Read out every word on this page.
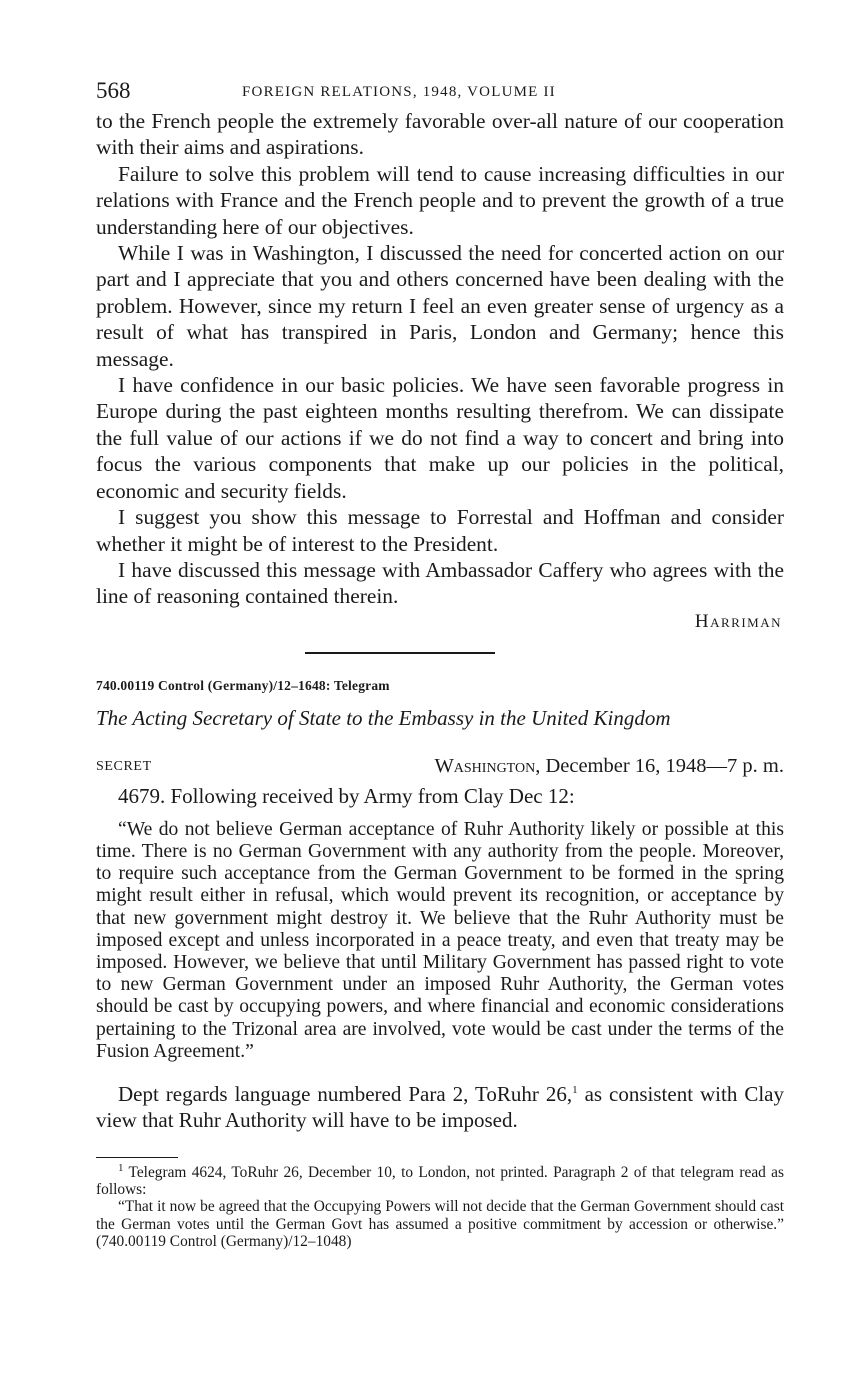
568	FOREIGN RELATIONS, 1948, VOLUME II

to the French people the extremely favorable over-all nature of our cooperation with their aims and aspirations.

Failure to solve this problem will tend to cause increasing difficulties in our relations with France and the French people and to prevent the growth of a true understanding here of our objectives.

While I was in Washington, I discussed the need for concerted action on our part and I appreciate that you and others concerned have been dealing with the problem. However, since my return I feel an even greater sense of urgency as a result of what has transpired in Paris, London and Germany; hence this message.

I have confidence in our basic policies. We have seen favorable progress in Europe during the past eighteen months resulting therefrom. We can dissipate the full value of our actions if we do not find a way to concert and bring into focus the various components that make up our policies in the political, economic and security fields.

I suggest you show this message to Forrestal and Hoffman and consider whether it might be of interest to the President.

I have discussed this message with Ambassador Caffery who agrees with the line of reasoning contained therein.

Harriman
740.00119 Control (Germany)/12–1648: Telegram
The Acting Secretary of State to the Embassy in the United Kingdom
SECRET	Washington, December 16, 1948—7 p. m.
4679. Following received by Army from Clay Dec 12:
“We do not believe German acceptance of Ruhr Authority likely or possible at this time. There is no German Government with any authority from the people. Moreover, to require such acceptance from the German Government to be formed in the spring might result either in refusal, which would prevent its recognition, or acceptance by that new government might destroy it. We believe that the Ruhr Authority must be imposed except and unless incorporated in a peace treaty, and even that treaty may be imposed. However, we believe that until Military Government has passed right to vote to new German Government under an imposed Ruhr Authority, the German votes should be cast by occupying powers, and where financial and economic considerations pertaining to the Trizonal area are involved, vote would be cast under the terms of the Fusion Agreement.”
Dept regards language numbered Para 2, ToRuhr 26,$^1$ as consistent with Clay view that Ruhr Authority will have to be imposed.

$^1$ Telegram 4624, ToRuhr 26, December 10, to London, not printed. Paragraph 2 of that telegram read as follows:

“That it now be agreed that the Occupying Powers will not decide that the German Government should cast the German votes until the German Govt has assumed a positive commitment by accession or otherwise.” (740.00119 Control (Germany)/12–1048)
